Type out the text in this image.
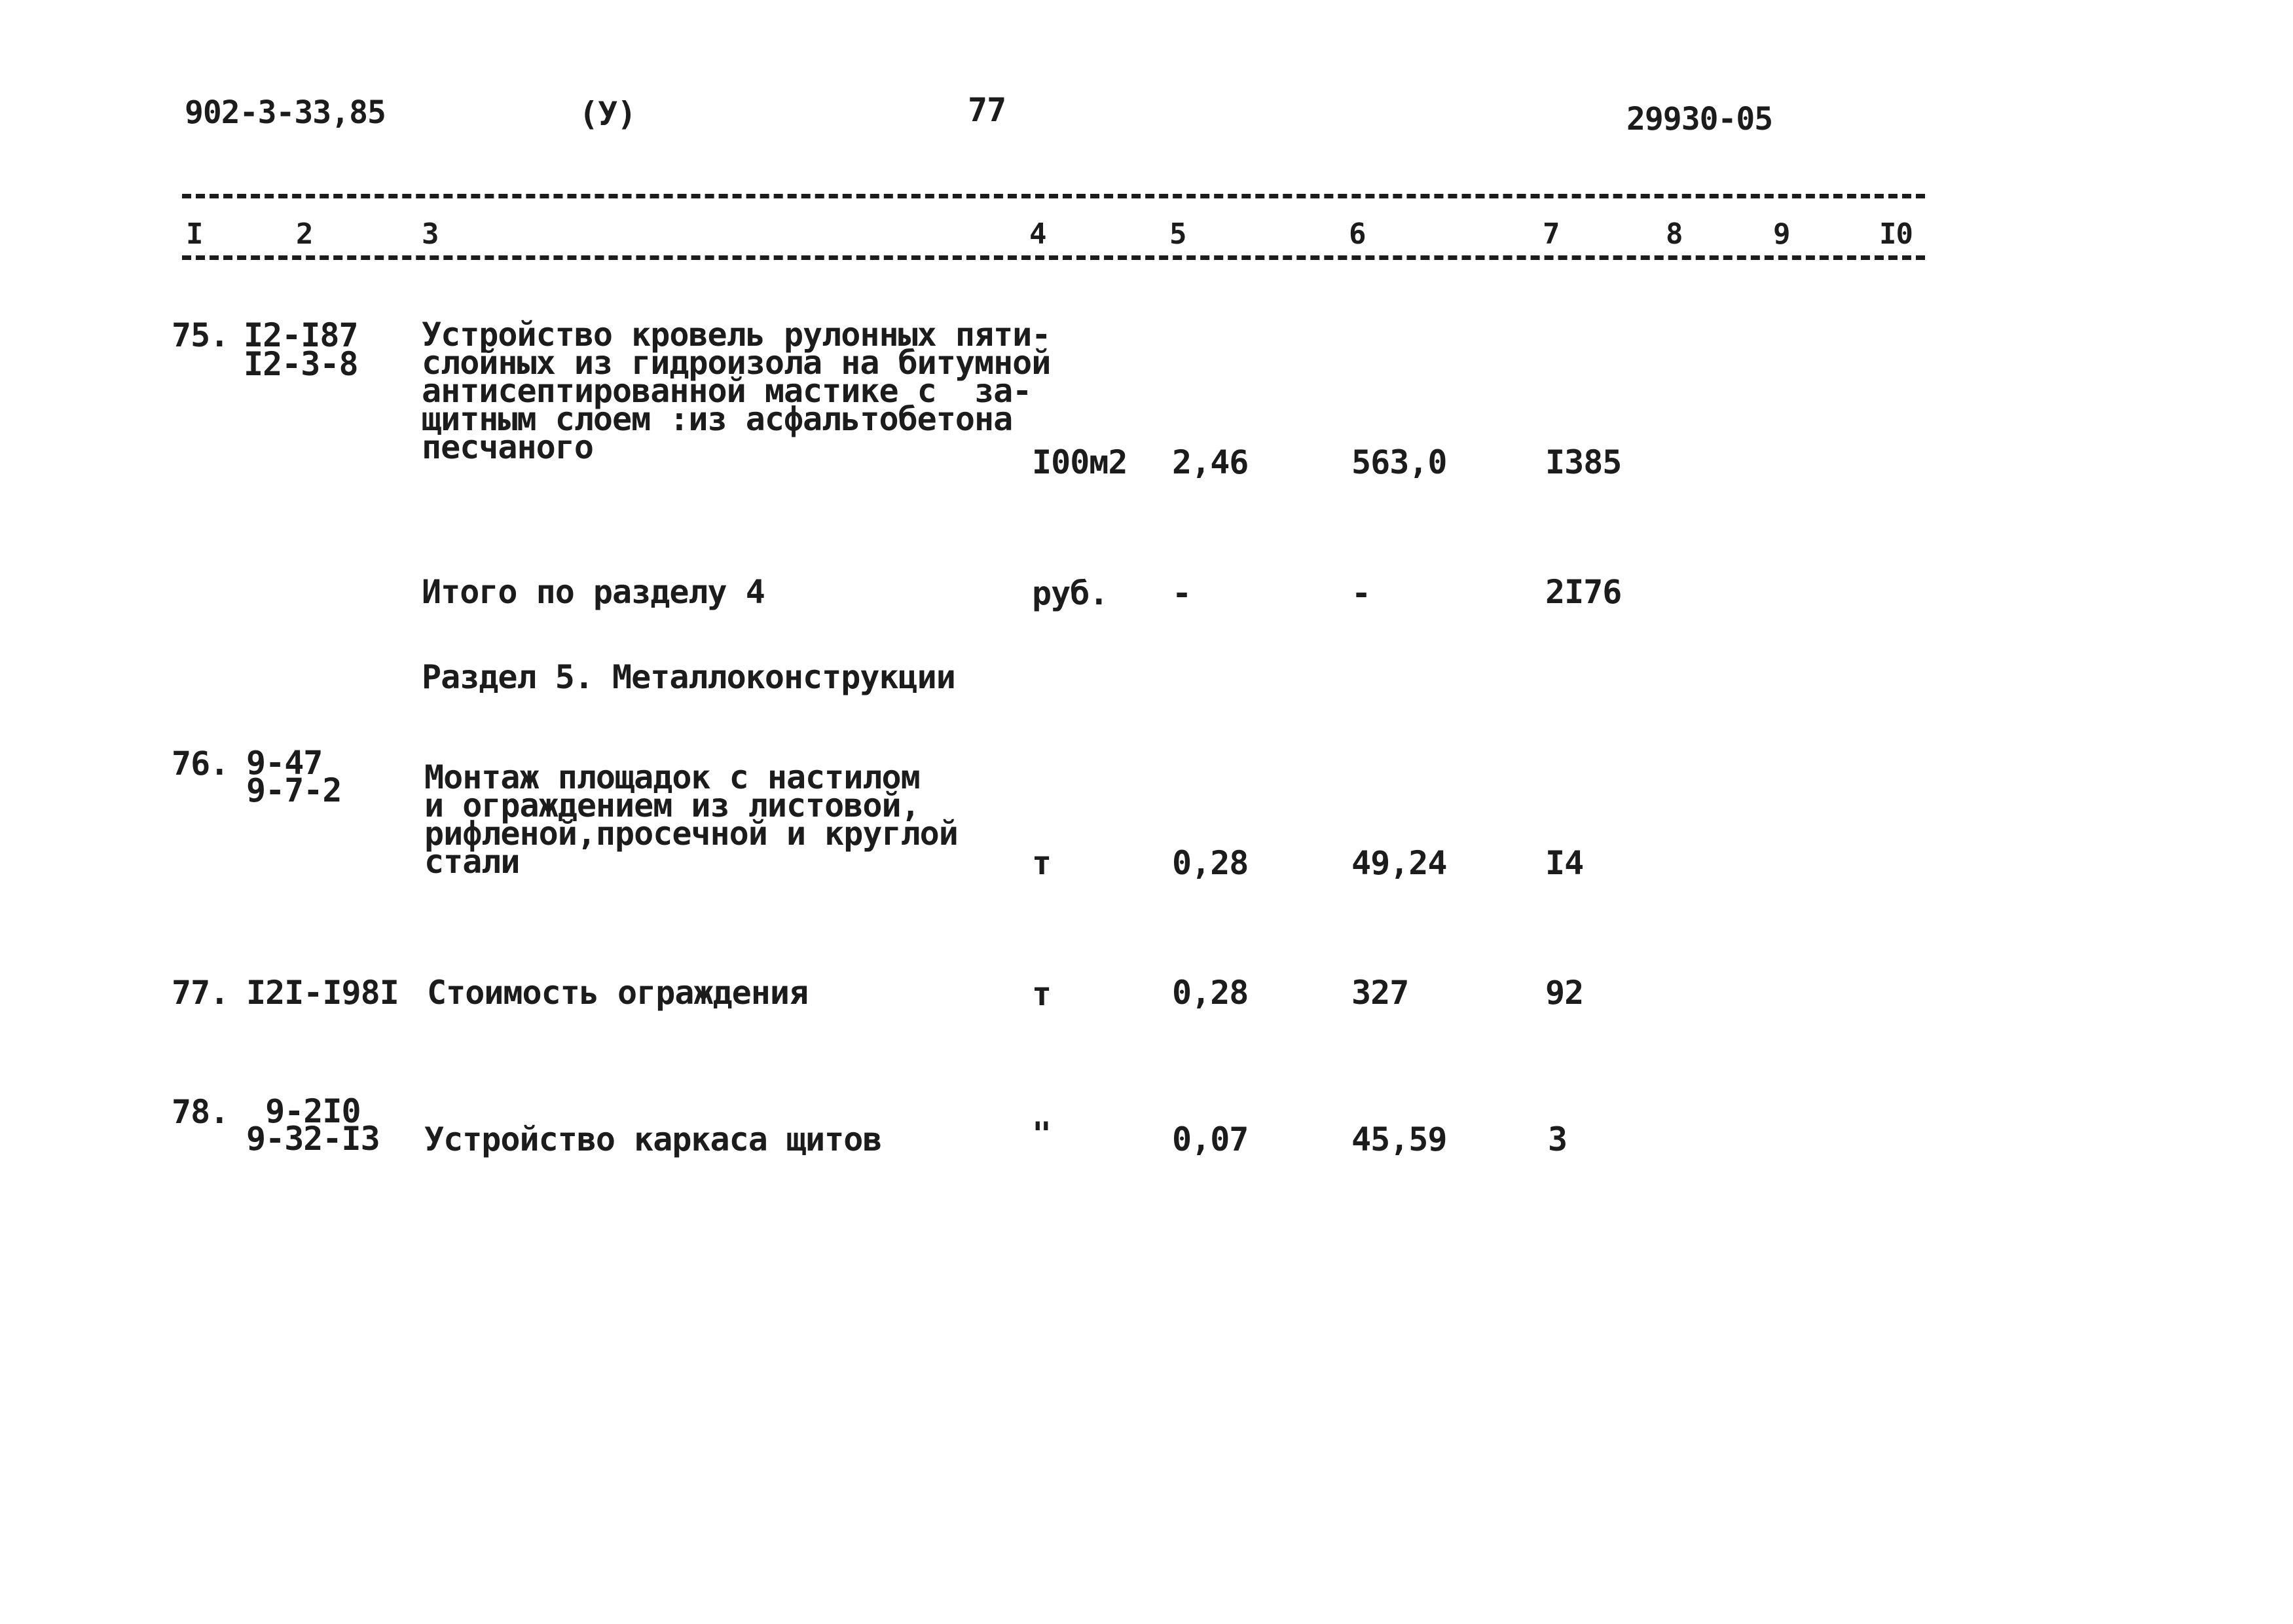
902-3-33,85	(У)	77	29930-05
I	2	3	4	5	6	7	8	9	I0
75. I2-I87
I2-3-8
Устройство кровель рулонных пяти-
слойных из гидроизола на битумной
антисептированной мастике с  за-
щитным слоем :из асфальтобетона
песчаного	I00м2 2,46	563,0	I385
Итого по разделу 4	руб. -	-	2I76
Раздел 5. Металлоконструкции
76. 9-47
9-7-2	Монтаж площадок с настилом
и ограждением из листовой,
рифленой,просечной и круглой
стали	т	0,28	49,24	I4
77. I2I-I98I Стоимость ограждения	т	0,28	327	92
78.	9-2I0
9-32-I3 Устройство каркаса щитов	"	0,07	45,59	3
